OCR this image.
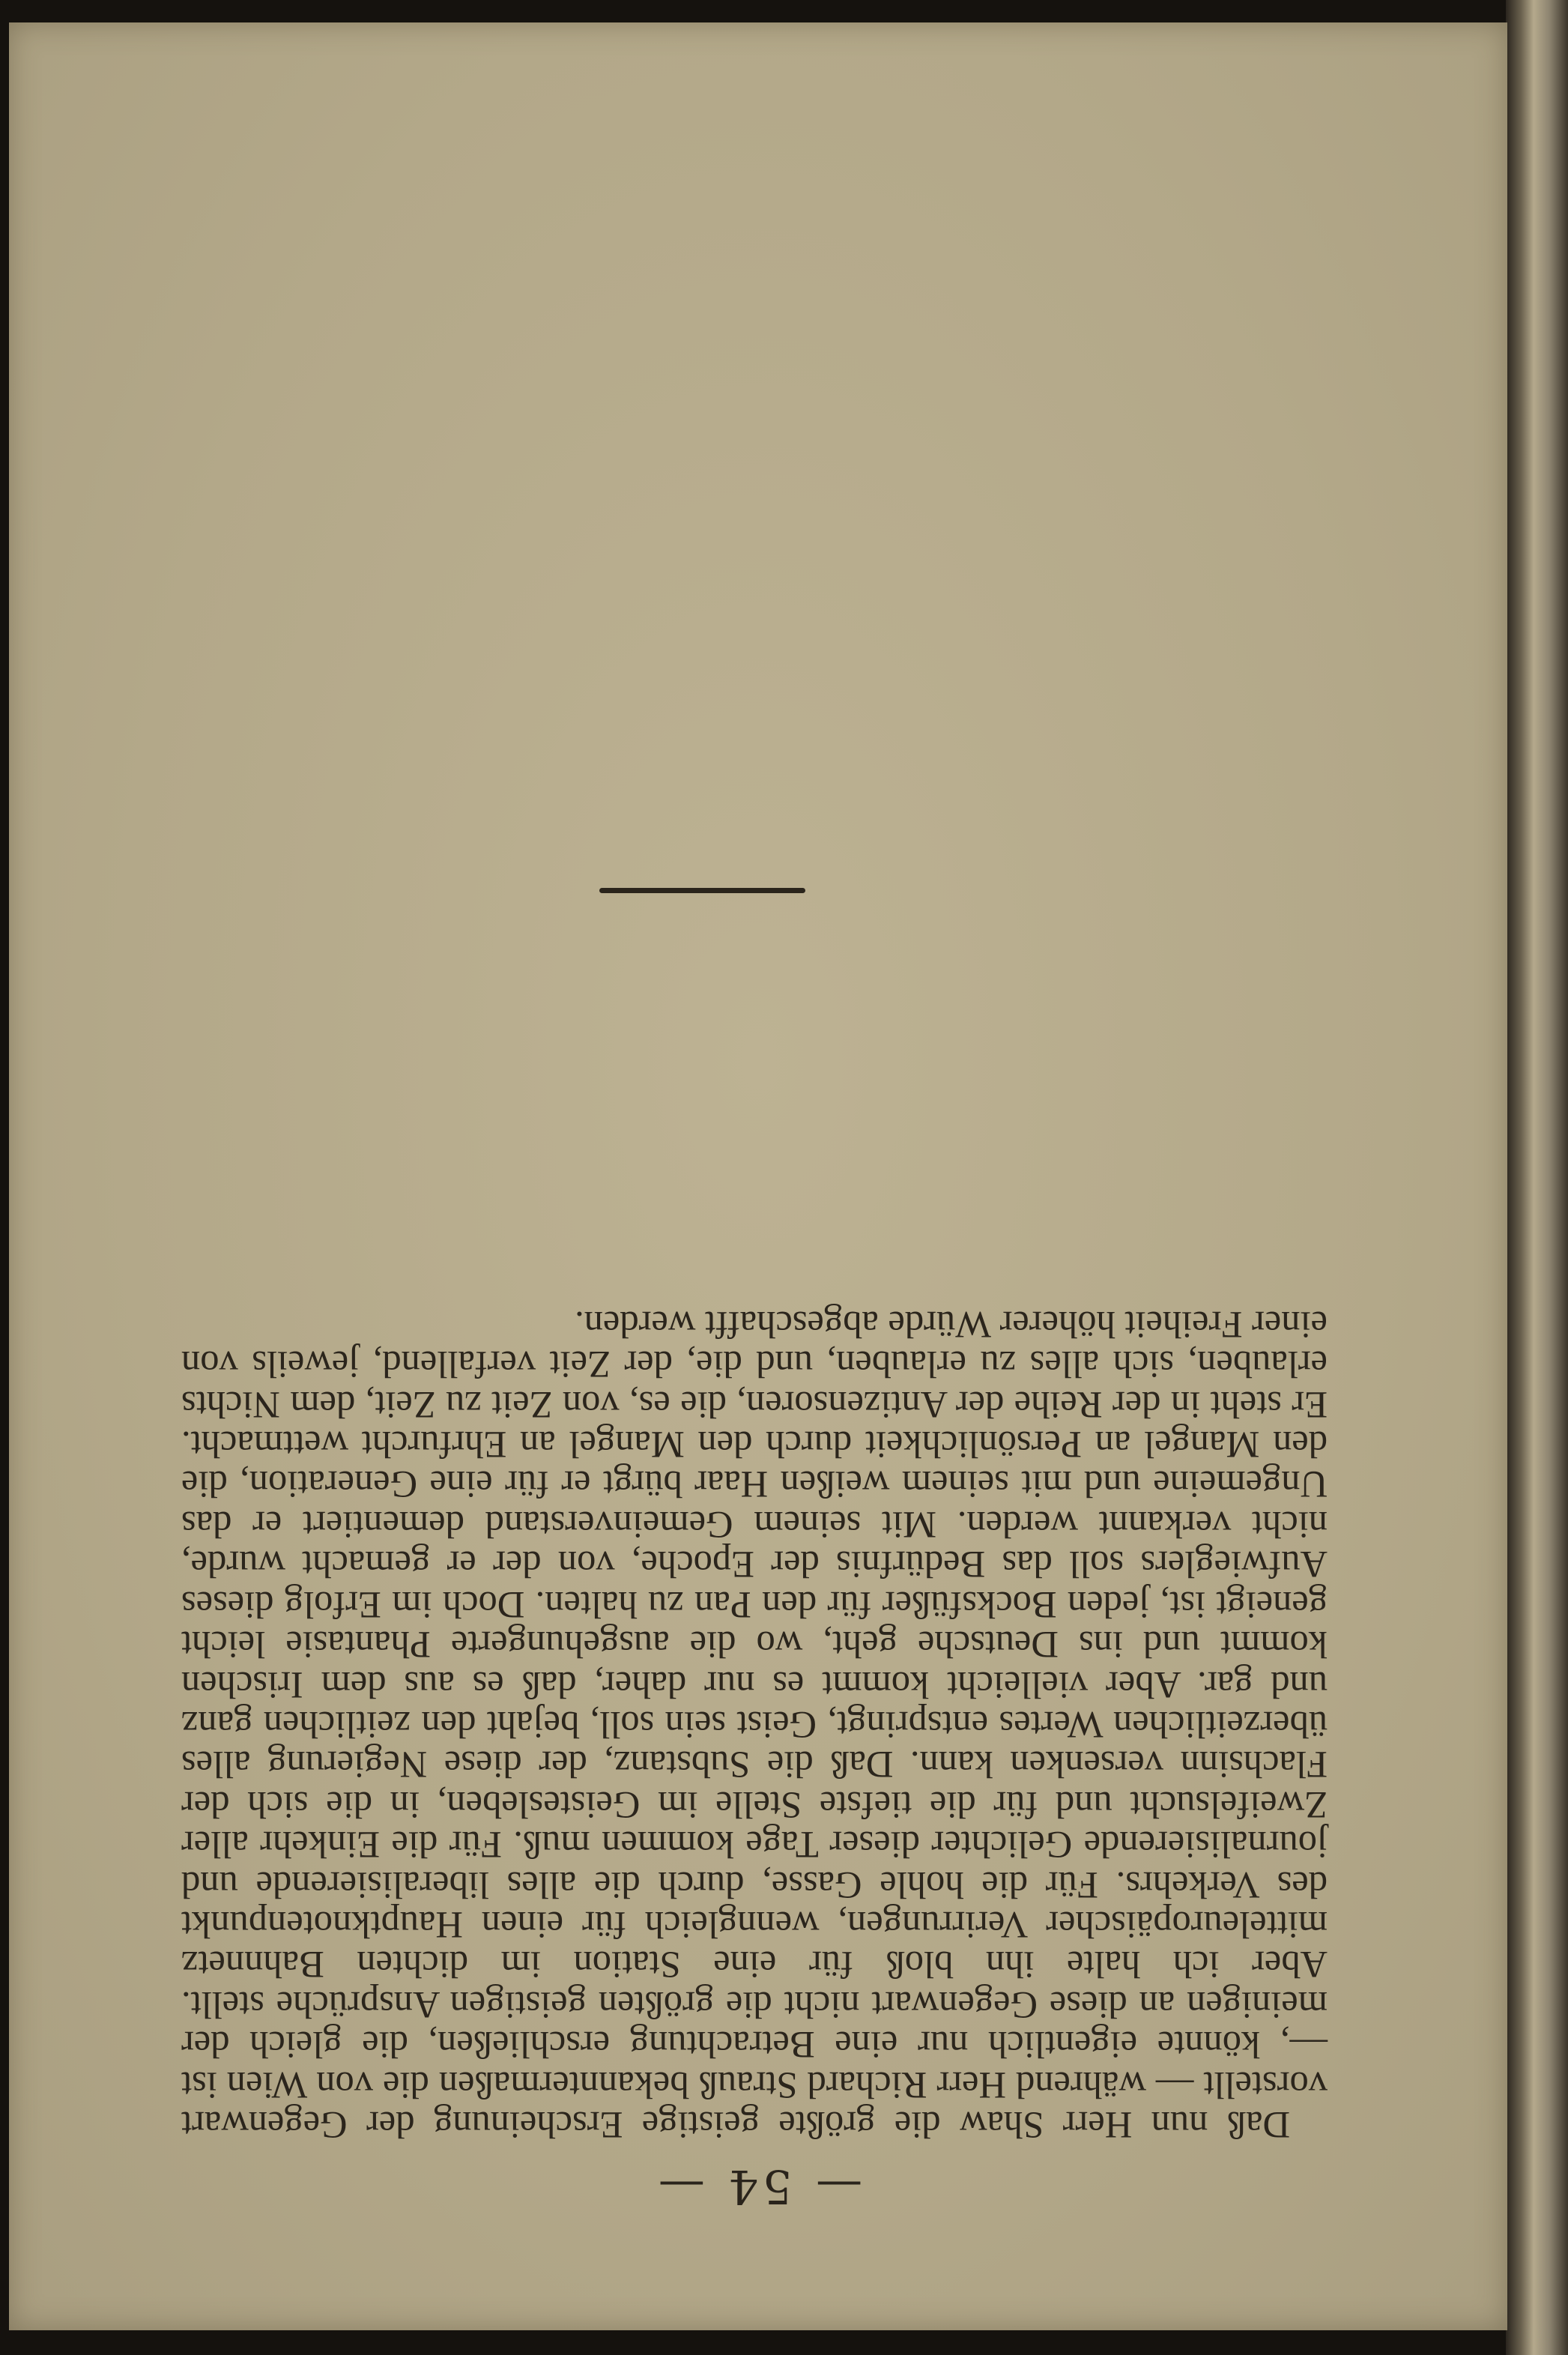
— 54 —

Daß nun Herr Shaw die größte geistige Erscheinung der Gegenwart vorstellt — während Herr Richard Strauß bekanntermaßen die von Wien ist —, könnte eigentlich nur eine Betrachtung erschließen, die gleich der meinigen an diese Gegenwart nicht die größten geistigen Ansprüche stellt. Aber ich halte ihn bloß für eine Station im dichten Bahnnetz mitteleuropäischer Verirrungen, wenngleich für einen Hauptknotenpunkt des Verkehrs. Für die hohle Gasse, durch die alles liberalisierende und journalisierende Gelichter dieser Tage kommen muß. Für die Einkehr aller Zweifelsucht und für die tiefste Stelle im Geistesleben, in die sich der Flachsinn versenken kann. Daß die Substanz, der diese Negierung alles überzeitlichen Wertes entspringt, Geist sein soll, bejaht den zeitlichen ganz und gar. Aber vielleicht kommt es nur daher, daß es aus dem Irischen kommt und ins Deutsche geht, wo die ausgehungerte Phantasie leicht geneigt ist, jeden Bocksfüßer für den Pan zu halten. Doch im Erfolg dieses Aufwieglers soll das Bedürfnis der Epoche, von der er gemacht wurde, nicht verkannt werden. Mit seinem Gemeinverstand dementiert er das Ungemeine und mit seinem weißen Haar bürgt er für eine Generation, die den Mangel an Persönlichkeit durch den Mangel an Ehrfurcht wettmacht. Er steht in der Reihe der Antizensoren, die es, von Zeit zu Zeit, dem Nichts erlauben, sich alles zu erlauben, und die, der Zeit verfallend, jeweils von einer Freiheit höherer Würde abgeschafft werden.
